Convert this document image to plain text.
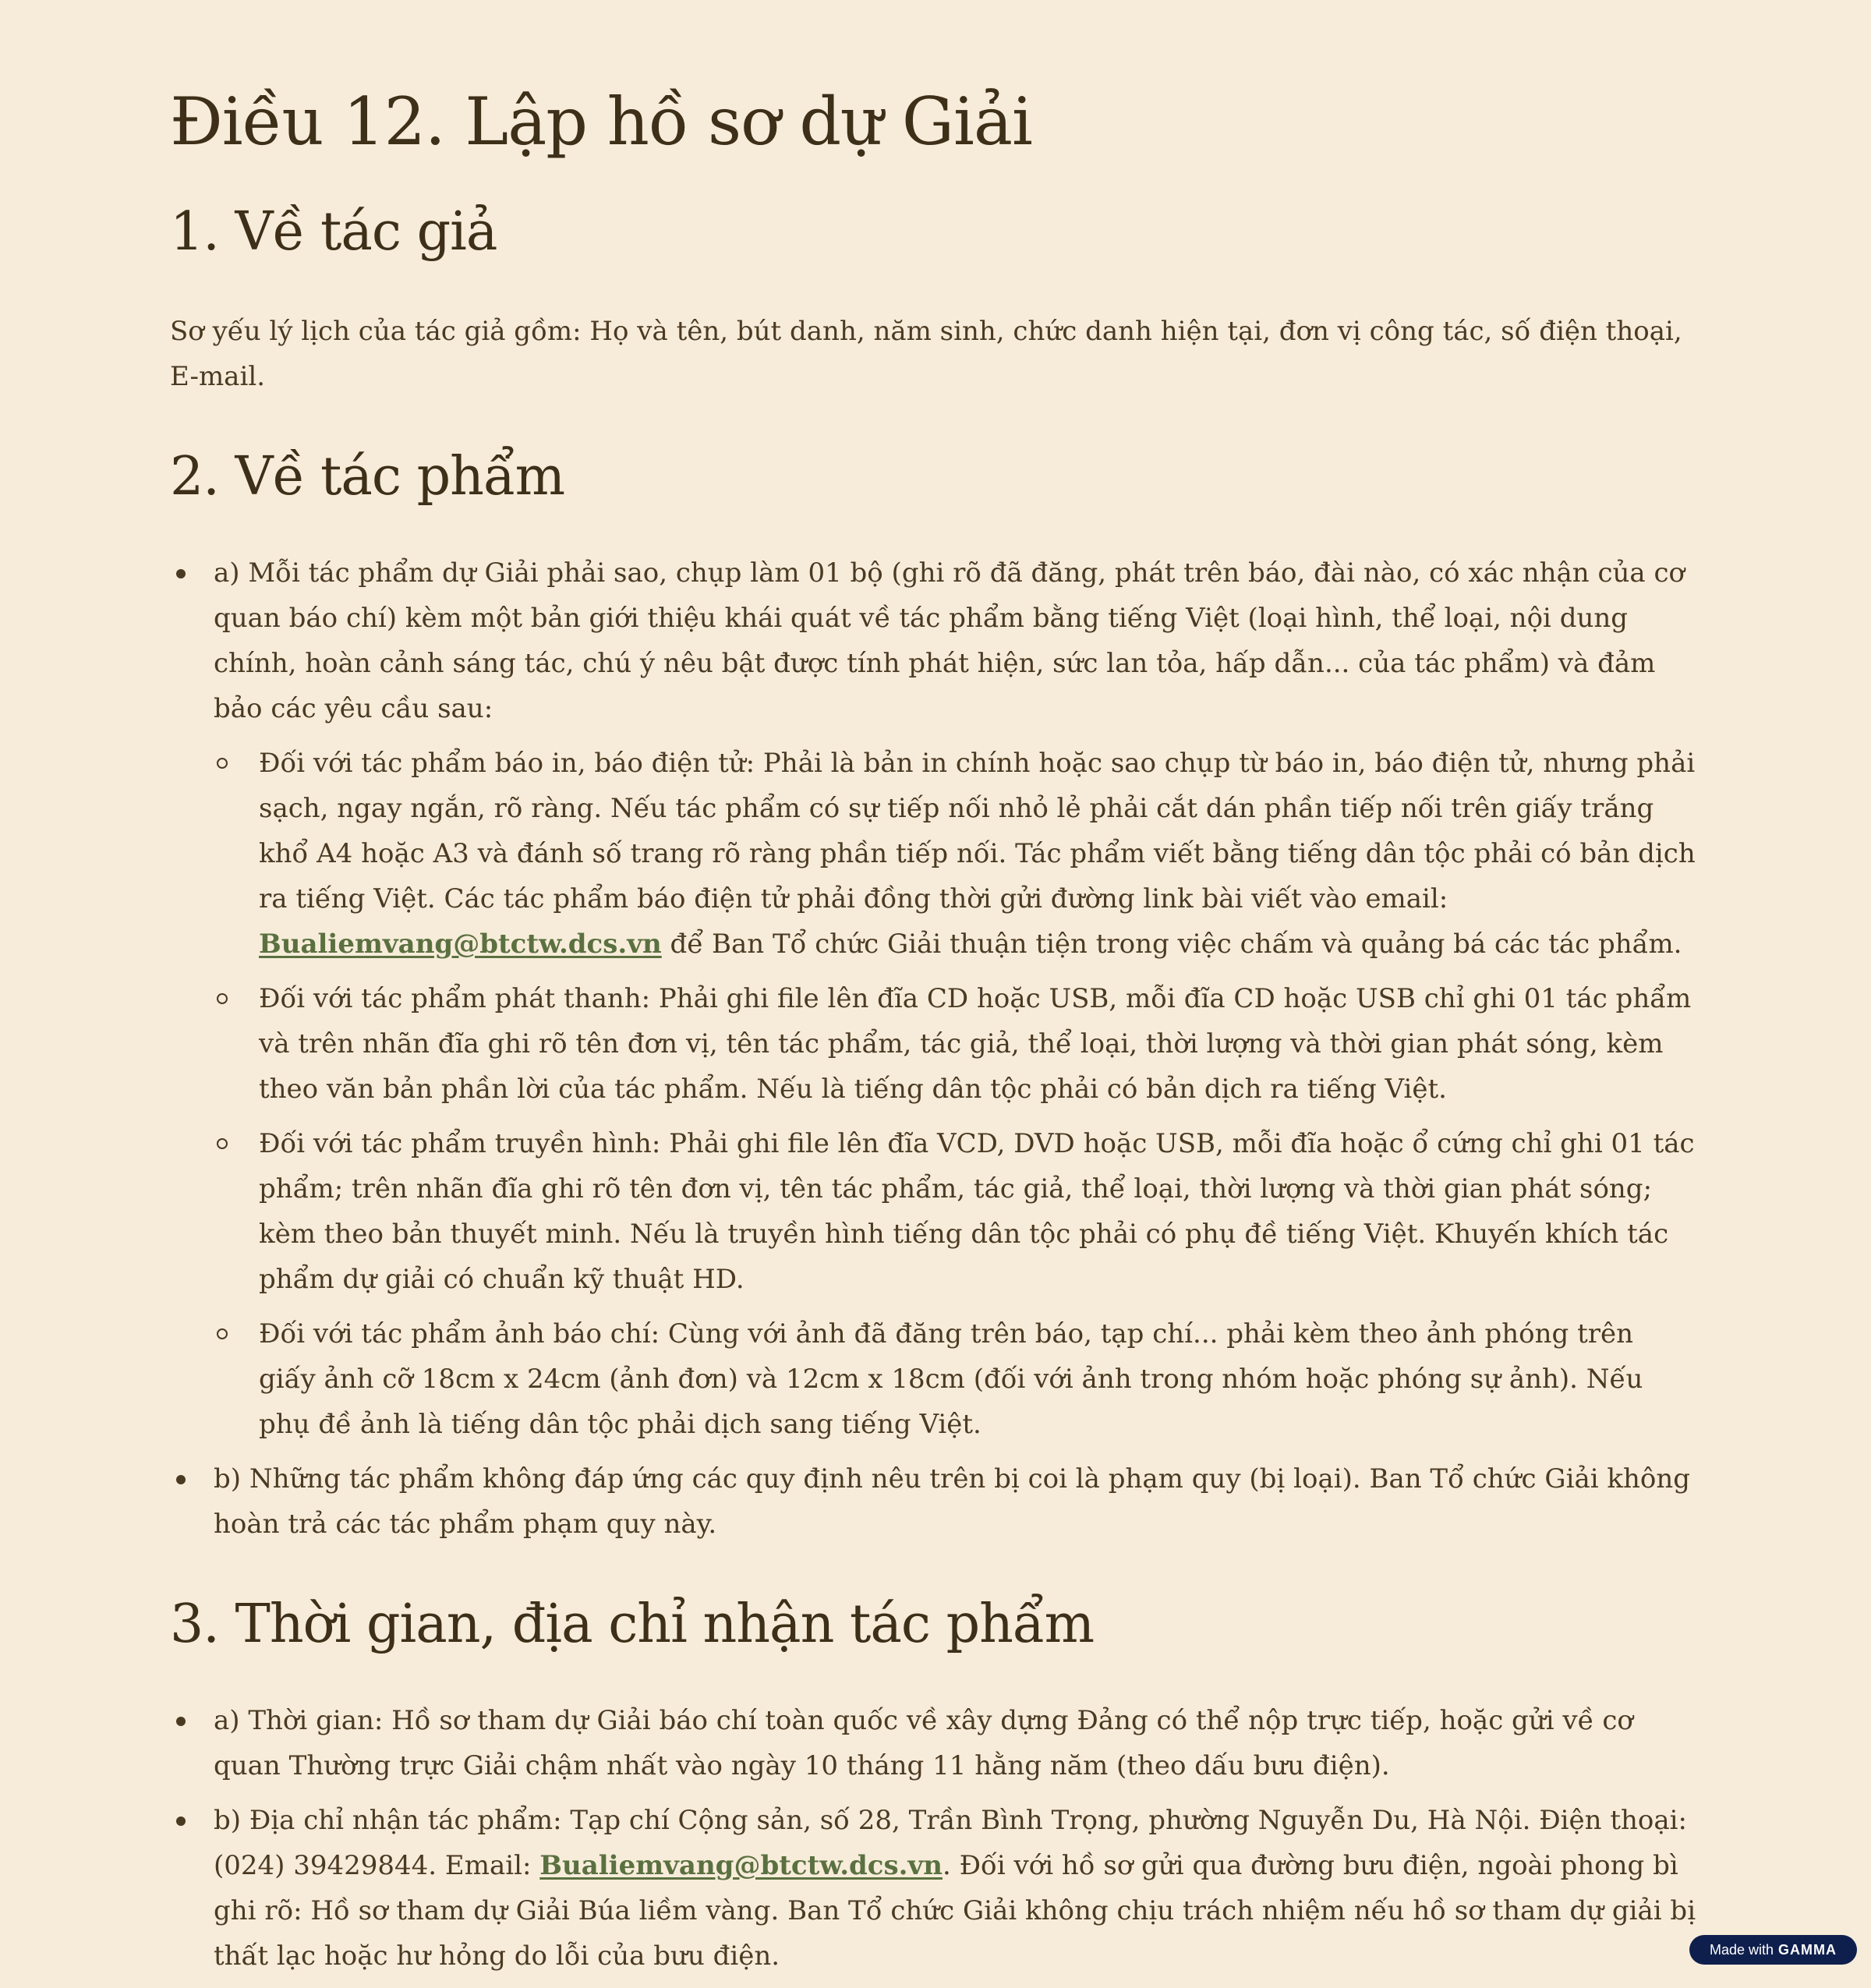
Điều 12. Lập hồ sơ dự Giải
1. Về tác giả

Sơ yếu lý lịch của tác giả gồm: Họ và tên, bút danh, năm sinh, chức danh hiện tại, đơn vị công tác, số điện thoại, E-mail.

2. Về tác phẩm
a) Mỗi tác phẩm dự Giải phải sao, chụp làm 01 bộ (ghi rõ đã đăng, phát trên báo, đài nào, có xác nhận của cơ quan báo chí) kèm một bản giới thiệu khái quát về tác phẩm bằng tiếng Việt (loại hình, thể loại, nội dung chính, hoàn cảnh sáng tác, chú ý nêu bật được tính phát hiện, sức lan tỏa, hấp dẫn... của tác phẩm) và đảm bảo các yêu cầu sau:
Đối với tác phẩm báo in, báo điện tử: Phải là bản in chính hoặc sao chụp từ báo in, báo điện tử, nhưng phải sạch, ngay ngắn, rõ ràng. Nếu tác phẩm có sự tiếp nối nhỏ lẻ phải cắt dán phần tiếp nối trên giấy trắng khổ A4 hoặc A3 và đánh số trang rõ ràng phần tiếp nối. Tác phẩm viết bằng tiếng dân tộc phải có bản dịch ra tiếng Việt. Các tác phẩm báo điện tử phải đồng thời gửi đường link bài viết vào email: Bualiemvang@btctw.dcs.vn để Ban Tổ chức Giải thuận tiện trong việc chấm và quảng bá các tác phẩm.
Đối với tác phẩm phát thanh: Phải ghi file lên đĩa CD hoặc USB, mỗi đĩa CD hoặc USB chỉ ghi 01 tác phẩm và trên nhãn đĩa ghi rõ tên đơn vị, tên tác phẩm, tác giả, thể loại, thời lượng và thời gian phát sóng, kèm theo văn bản phần lời của tác phẩm. Nếu là tiếng dân tộc phải có bản dịch ra tiếng Việt.
Đối với tác phẩm truyền hình: Phải ghi file lên đĩa VCD, DVD hoặc USB, mỗi đĩa hoặc ổ cứng chỉ ghi 01 tác phẩm; trên nhãn đĩa ghi rõ tên đơn vị, tên tác phẩm, tác giả, thể loại, thời lượng và thời gian phát sóng; kèm theo bản thuyết minh. Nếu là truyền hình tiếng dân tộc phải có phụ đề tiếng Việt. Khuyến khích tác phẩm dự giải có chuẩn kỹ thuật HD.
Đối với tác phẩm ảnh báo chí: Cùng với ảnh đã đăng trên báo, tạp chí... phải kèm theo ảnh phóng trên giấy ảnh cỡ 18cm x 24cm (ảnh đơn) và 12cm x 18cm (đối với ảnh trong nhóm hoặc phóng sự ảnh). Nếu phụ đề ảnh là tiếng dân tộc phải dịch sang tiếng Việt.
b) Những tác phẩm không đáp ứng các quy định nêu trên bị coi là phạm quy (bị loại). Ban Tổ chức Giải không hoàn trả các tác phẩm phạm quy này.
3. Thời gian, địa chỉ nhận tác phẩm
a) Thời gian: Hồ sơ tham dự Giải báo chí toàn quốc về xây dựng Đảng có thể nộp trực tiếp, hoặc gửi về cơ quan Thường trực Giải chậm nhất vào ngày 10 tháng 11 hằng năm (theo dấu bưu điện).
b) Địa chỉ nhận tác phẩm: Tạp chí Cộng sản, số 28, Trần Bình Trọng, phường Nguyễn Du, Hà Nội. Điện thoại: (024) 39429844. Email: Bualiemvang@btctw.dcs.vn. Đối với hồ sơ gửi qua đường bưu điện, ngoài phong bì ghi rõ: Hồ sơ tham dự Giải Búa liềm vàng. Ban Tổ chức Giải không chịu trách nhiệm nếu hồ sơ tham dự giải bị thất lạc hoặc hư hỏng do lỗi của bưu điện.	Made with GAMMA
